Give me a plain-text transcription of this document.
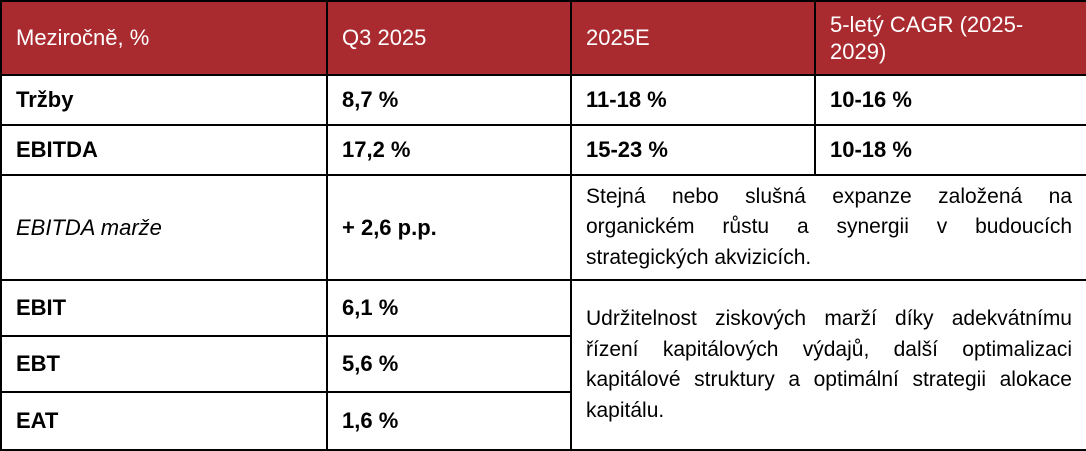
Meziročně, %	Q3 2025	2025E	5-letý CAGR (2025-2029)
Tržby	8,7 %	11-18 %	10-16 %
EBITDA	17,2 %	15-23 %	10-18 %
EBITDA marže	+ 2,6 p.p.	Stejná nebo slušná expanze založená na organickém růstu a synergii v budoucích strategických akvizicích.	
EBIT	6,1 %	Udržitelnost ziskových marží díky adekvátnímu řízení kapitálových výdajů, další optimalizaci kapitálové struktury a optimální strategii alokace kapitálu.	
EBT	5,6 %		
EAT	1,6 %		
